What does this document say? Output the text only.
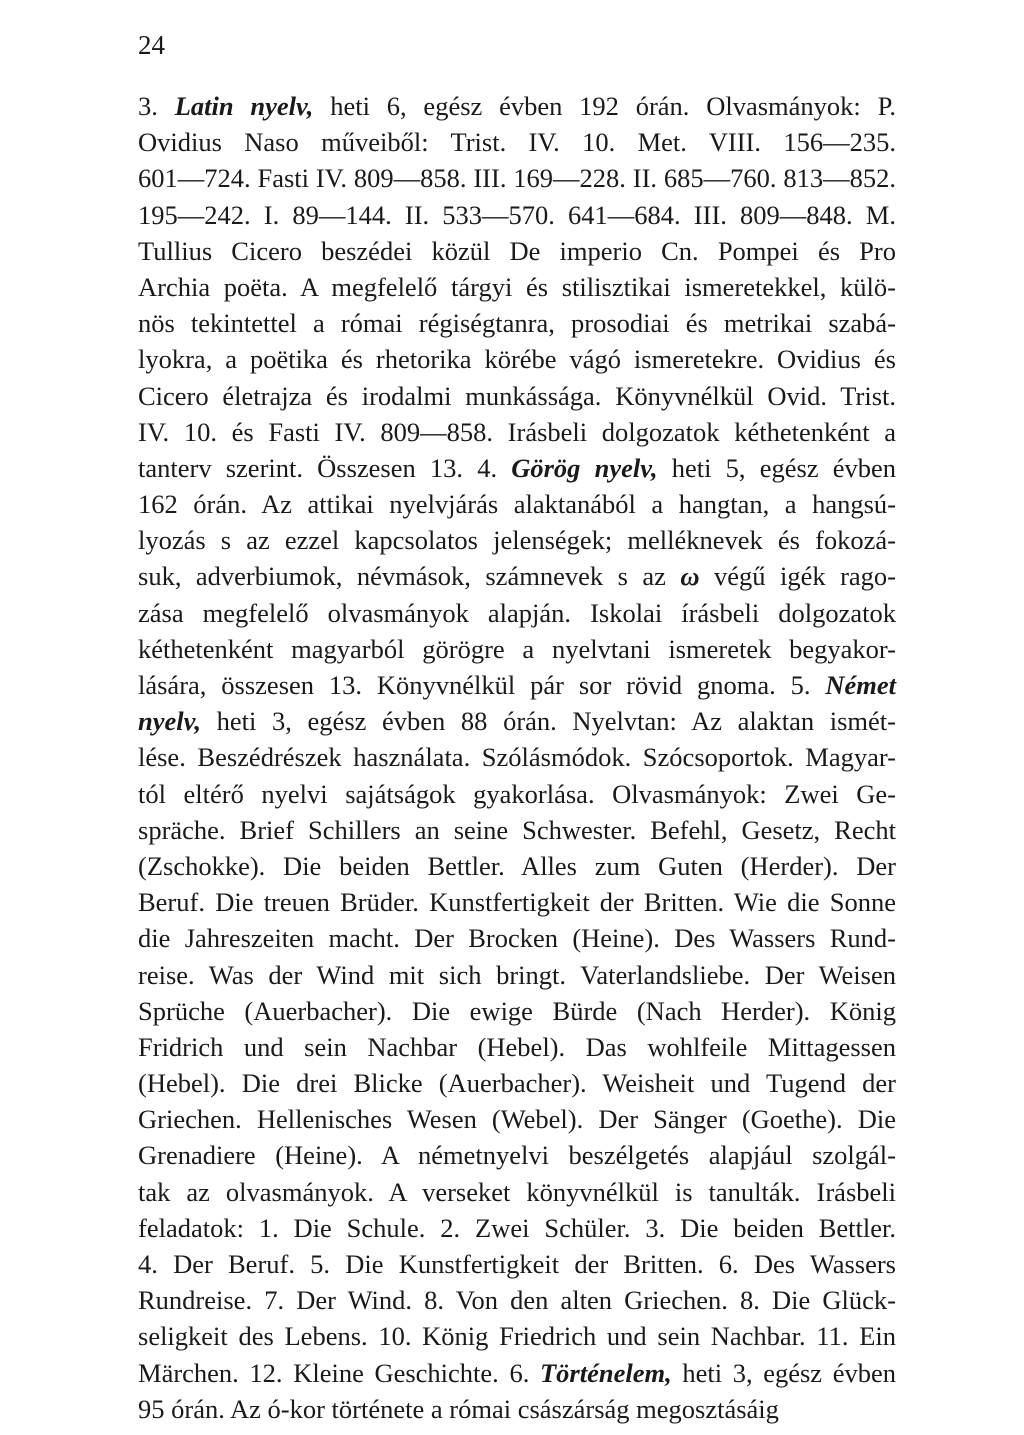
24
3. Latin nyelv, heti 6, egész évben 192 órán. Olvasmányok: P.
Ovidius Naso műveiből: Trist. IV. 10. Met. VIII. 156—235.
601—724. Fasti IV. 809—858. III. 169—228. II. 685—760. 813—852.
195—242. I. 89—144. II. 533—570. 641—684. III. 809—848. M.
Tullius Cicero beszédei közül De imperio Cn. Pompei és Pro
Archia poëta. A megfelelő tárgyi és stilisztikai ismeretekkel, külö-
nös tekintettel a római régiségtanra, prosodiai és metrikai szabá-
lyokra, a poëtika és rhetorika körébe vágó ismeretekre. Ovidius és
Cicero életrajza és irodalmi munkássága. Könyvnélkül Ovid. Trist.
IV. 10. és Fasti IV. 809—858. Irásbeli dolgozatok kéthetenként a
tanterv szerint. Összesen 13. 4. Görög nyelv, heti 5, egész évben
162 órán. Az attikai nyelvjárás alaktanából a hangtan, a hangsú-
lyozás s az ezzel kapcsolatos jelenségek; melléknevek és fokozá-
suk, adverbiumok, névmások, számnevek s az ω végű igék rago-
zása megfelelő olvasmányok alapján. Iskolai írásbeli dolgozatok
kéthetenként magyarból görögre a nyelvtani ismeretek begyakor-
lására, összesen 13. Könyvnélkül pár sor rövid gnoma. 5. Német
nyelv, heti 3, egész évben 88 órán. Nyelvtan: Az alaktan ismét-
lése. Beszédrészek használata. Szólásmódok. Szócsoportok. Magyar-
tól eltérő nyelvi sajátságok gyakorlása. Olvasmányok: Zwei Ge-
spräche. Brief Schillers an seine Schwester. Befehl, Gesetz, Recht
(Zschokke). Die beiden Bettler. Alles zum Guten (Herder). Der
Beruf. Die treuen Brüder. Kunstfertigkeit der Britten. Wie die Sonne
die Jahreszeiten macht. Der Brocken (Heine). Des Wassers Rund-
reise. Was der Wind mit sich bringt. Vaterlandsliebe. Der Weisen
Sprüche (Auerbacher). Die ewige Bürde (Nach Herder). König
Fridrich und sein Nachbar (Hebel). Das wohlfeile Mittagessen
(Hebel). Die drei Blicke (Auerbacher). Weisheit und Tugend der
Griechen. Hellenisches Wesen (Webel). Der Sänger (Goethe). Die
Grenadiere (Heine). A németnyelvi beszélgetés alapjául szolgál-
tak az olvasmányok. A verseket könyvnélkül is tanulták. Irásbeli
feladatok: 1. Die Schule. 2. Zwei Schüler. 3. Die beiden Bettler.
4. Der Beruf. 5. Die Kunstfertigkeit der Britten. 6. Des Wassers
Rundreise. 7. Der Wind. 8. Von den alten Griechen. 8. Die Glück-
seligkeit des Lebens. 10. König Friedrich und sein Nachbar. 11. Ein
Märchen. 12. Kleine Geschichte. 6. Történelem, heti 3, egész évben
95 órán. Az ó-kor története a római császárság megosztásáig
